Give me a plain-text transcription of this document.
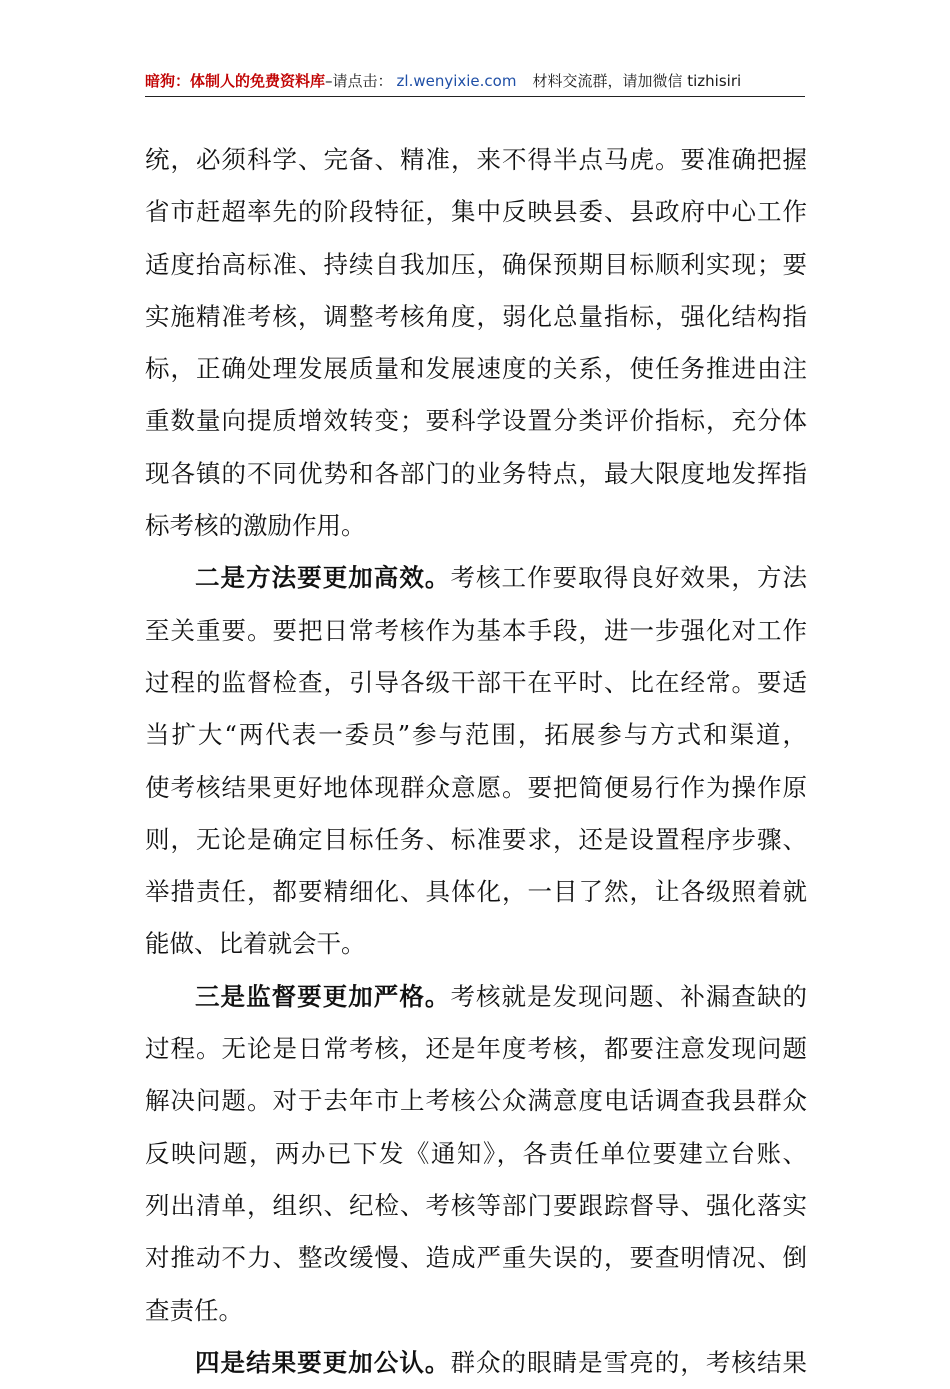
暗狗：体制人的免费资料库–请点击： zl.wenyixie.com 材料交流群，请加微信 tizhisiri
统，必须科学、完备、精准，来不得半点马虎。要准确把握
省市赶超率先的阶段特征，集中反映县委、县政府中心工作
适度抬高标准、持续自我加压，确保预期目标顺利实现；要
实施精准考核，调整考核角度，弱化总量指标，强化结构指
标，正确处理发展质量和发展速度的关系，使任务推进由注
重数量向提质增效转变；要科学设置分类评价指标，充分体
现各镇的不同优势和各部门的业务特点，最大限度地发挥指
标考核的激励作用。
二是方法要更加高效。考核工作要取得良好效果，方法
至关重要。要把日常考核作为基本手段，进一步强化对工作
过程的监督检查，引导各级干部干在平时、比在经常。要适
当扩大“两代表一委员”参与范围，拓展参与方式和渠道，
使考核结果更好地体现群众意愿。要把简便易行作为操作原
则，无论是确定目标任务、标准要求，还是设置程序步骤、
举措责任，都要精细化、具体化，一目了然，让各级照着就
能做、比着就会干。
三是监督要更加严格。考核就是发现问题、补漏查缺的
过程。无论是日常考核，还是年度考核，都要注意发现问题
解决问题。对于去年市上考核公众满意度电话调查我县群众
反映问题，两办已下发《通知》，各责任单位要建立台账、
列出清单，组织、纪检、考核等部门要跟踪督导、强化落实
对推动不力、整改缓慢、造成严重失误的，要查明情况、倒
查责任。
四是结果要更加公认。群众的眼睛是雪亮的，考核结果
